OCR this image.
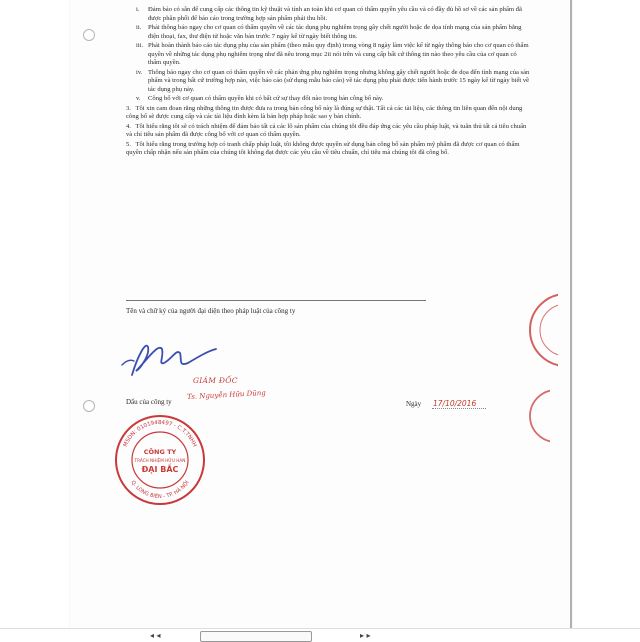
i. Đảm bảo có sẵn để cung cấp các thông tin kỹ thuật và tính an toàn khi cơ quan có thẩm quyền yêu cầu và có đầy đủ hồ sơ về các sản phẩm đã được phân phối để báo cáo trong trường hợp sản phẩm phải thu hồi.
ii. Phải thông báo ngay cho cơ quan có thẩm quyền về các tác dụng phụ nghiêm trọng gây chết người hoặc đe dọa tính mạng của sản phẩm bằng điện thoại, fax, thư điện tử hoặc văn bản trước 7 ngày kể từ ngày biết thông tin.
iii. Phải hoàn thành báo cáo tác dụng phụ của sản phẩm (theo mẫu quy định) trong vòng 8 ngày làm việc kể từ ngày thông báo cho cơ quan có thẩm quyền về những tác dụng phụ nghiêm trọng như đã nêu trong mục 2ii nói trên và cung cấp bất cứ thông tin nào theo yêu cầu của cơ quan có thẩm quyền.
iv. Thông báo ngay cho cơ quan có thẩm quyền về các phản ứng phụ nghiêm trọng nhưng không gây chết người hoặc đe dọa đến tính mạng của sản phẩm và trong bất cứ trường hợp nào, việc báo cáo (sử dụng mẫu báo cáo) về tác dụng phụ phải được tiến hành trước 15 ngày kể từ ngày biết về tác dụng phụ này.
v. Công bố với cơ quan có thẩm quyền khi có bất cứ sự thay đổi nào trong bản công bố này.
3. Tôi xin cam đoan rằng những thông tin được đưa ra trong bản công bố này là đúng sự thật. Tất cả các tài liệu, các thông tin liên quan đến nội dung công bố sẽ được cung cấp và các tài liệu đính kèm là bản hợp pháp hoặc sao y bản chính.
4. Tôi hiểu rằng tôi sẽ có trách nhiệm để đảm bảo tất cả các lô sản phẩm của chúng tôi đều đáp ứng các yêu cầu pháp luật, và tuân thủ tất cả tiêu chuẩn và chỉ tiêu sản phẩm đã được công bố với cơ quan có thẩm quyền.
5. Tôi hiểu rằng trong trường hợp có tranh chấp pháp luật, tôi không được quyền sử dụng bản công bố sản phẩm mỹ phẩm đã được cơ quan có thẩm quyền chấp nhận nếu sản phẩm của chúng tôi không đạt được các yêu cầu về tiêu chuẩn, chỉ tiêu mà chúng tôi đã công bố.
Tên và chữ ký của người đại diện theo pháp luật của công ty
GIÁM ĐỐC
Ts. Nguyễn Hữu Dũng
Dấu của công ty	Ngày 17/10/2016
MSDN: 0101948497 - C.T.TNHH
Q. LONG BIÊN - TP. HÀ NỘI
CÔNG TY
TRÁCH NHIỆM HỮU HẠN
ĐẠI BẮC
◂ ◂	▸ ▸
